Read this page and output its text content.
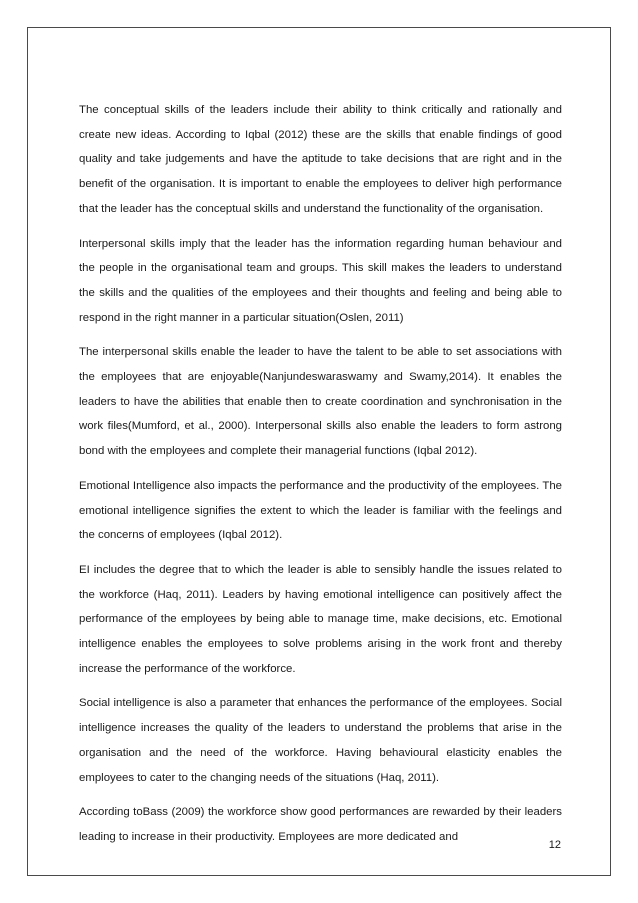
The conceptual skills of the leaders include their ability to think critically and rationally and create new ideas. According to Iqbal (2012) these are the skills that enable findings of good quality and take judgements and have the aptitude to take decisions that are right and in the benefit of the organisation. It is important to enable the employees to deliver high performance that the leader has the conceptual skills and understand the functionality of the organisation.

Interpersonal skills imply that the leader has the information regarding human behaviour and the people in the organisational team and groups. This skill makes the leaders to understand the skills and the qualities of the employees and their thoughts and feeling and being able to respond in the right manner in a particular situation(Oslen, 2011)

The interpersonal skills enable the leader to have the talent to be able to set associations with the employees that are enjoyable(Nanjundeswaraswamy and Swamy,2014). It enables the leaders to have the abilities that enable then to create coordination and synchronisation in the work files(Mumford, et al., 2000). Interpersonal skills also enable the leaders to form astrong bond with the employees and complete their managerial functions (Iqbal 2012).

Emotional Intelligence also impacts the performance and the productivity of the employees. The emotional intelligence signifies the extent to which the leader is familiar with the feelings and the concerns of employees (Iqbal 2012).

EI includes the degree that to which the leader is able to sensibly handle the issues related to the workforce (Haq, 2011). Leaders by having emotional intelligence can positively affect the performance of the employees by being able to manage time, make decisions, etc. Emotional intelligence enables the employees to solve problems arising in the work front and thereby increase the performance of the workforce.

Social intelligence is also a parameter that enhances the performance of the employees. Social intelligence increases the quality of the leaders to understand the problems that arise in the organisation and the need of the workforce. Having behavioural elasticity enables the employees to cater to the changing needs of the situations (Haq, 2011).

According toBass (2009) the workforce show good performances are rewarded by their leaders leading to increase in their productivity. Employees are more dedicated and

12
